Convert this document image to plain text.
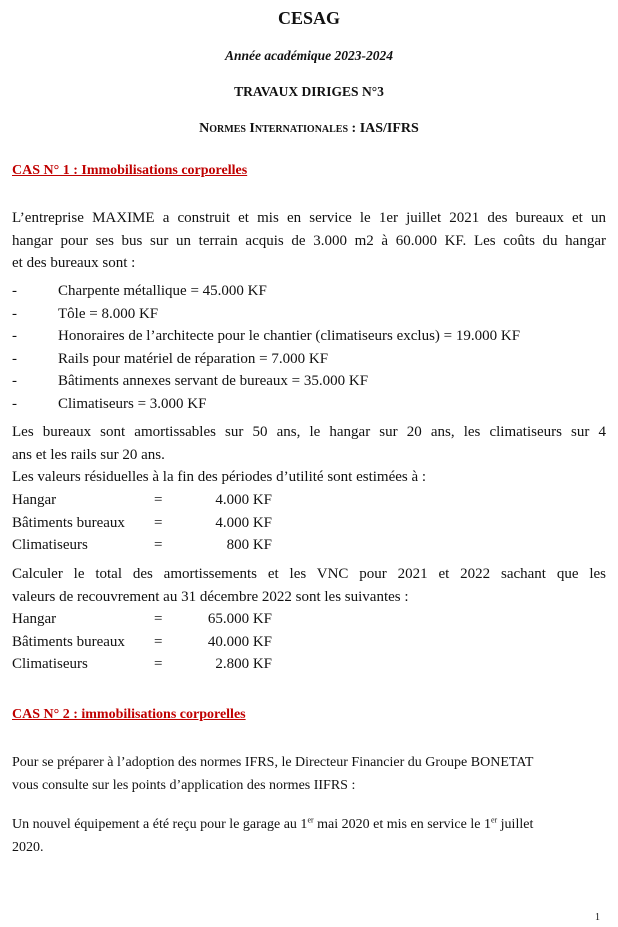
CESAG
Année académique 2023-2024
TRAVAUX DIRIGES N°3
Normes Internationales : IAS/IFRS
CAS N° 1 : Immobilisations corporelles
L’entreprise MAXIME a construit et mis en service le 1er juillet 2021 des bureaux et un
hangar pour ses bus sur un terrain acquis de 3.000 m2 à 60.000 KF. Les coûts du hangar
et des bureaux sont :
-	Charpente métallique = 45.000 KF
-	Tôle = 8.000 KF
-	Honoraires de l’architecte pour le chantier (climatiseurs exclus) = 19.000 KF
-	Rails pour matériel de réparation = 7.000 KF
-	Bâtiments annexes servant de bureaux = 35.000 KF
-	Climatiseurs = 3.000 KF
Les bureaux sont amortissables sur 50 ans, le hangar sur 20 ans, les climatiseurs sur 4
ans et les rails sur 20 ans.
Les valeurs résiduelles à la fin des périodes d’utilité sont estimées à :
Hangar	=	4.000 KF
Bâtiments bureaux =	4.000 KF
Climatiseurs	=	800 KF
Calculer le total des amortissements et les VNC pour 2021 et 2022 sachant que les
valeurs de recouvrement au 31 décembre 2022 sont les suivantes :
Hangar	=	65.000 KF
Bâtiments bureaux =	40.000 KF
Climatiseurs	=	2.800 KF
CAS N° 2 : immobilisations corporelles
Pour se préparer à l’adoption des normes IFRS, le Directeur Financier du Groupe BONETAT
vous consulte sur les points d’application des normes IIFRS :
Un nouvel équipement a été reçu pour le garage au 1er mai 2020 et mis en service le 1er juillet
2020.
1
